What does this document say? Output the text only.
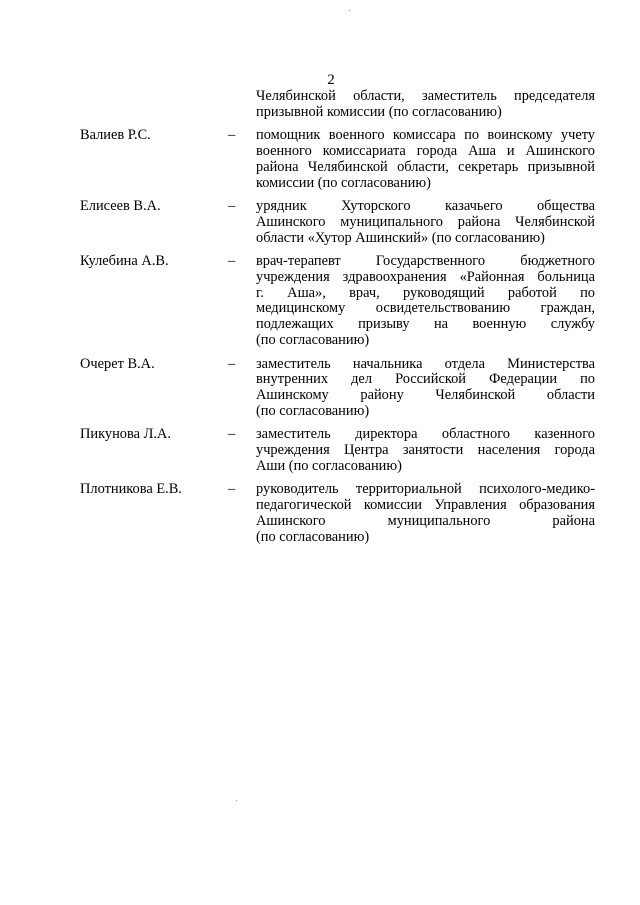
2
Челябинской области, заместитель председателя
призывной комиссии (по согласованию)
Валиев Р.С.	–	помощник военного комиссара по воинскому учету
военного комиссариата города Аша и Ашинского
района Челябинской области, секретарь призывной
комиссии (по согласованию)
Елисеев В.А.	–	урядник Хуторского казачьего общества
Ашинского муниципального района Челябинской
области «Хутор Ашинский» (по согласованию)
Кулебина А.В.	–	врач-терапевт Государственного бюджетного
учреждения здравоохранения «Районная больница
г. Аша», врач, руководящий работой по
медицинскому освидетельствованию граждан,
подлежащих призыву на военную службу
(по согласованию)
Очерет В.А.	–	заместитель начальника отдела Министерства
внутренних дел Российской Федерации по
Ашинскому району Челябинской области
(по согласованию)
Пикунова Л.А.	–	заместитель директора областного казенного
учреждения Центра занятости населения города
Аши (по согласованию)
Плотникова Е.В.	–	руководитель территориальной психолого-медико-
педагогической комиссии Управления образования
Ашинского муниципального района
(по согласованию)
